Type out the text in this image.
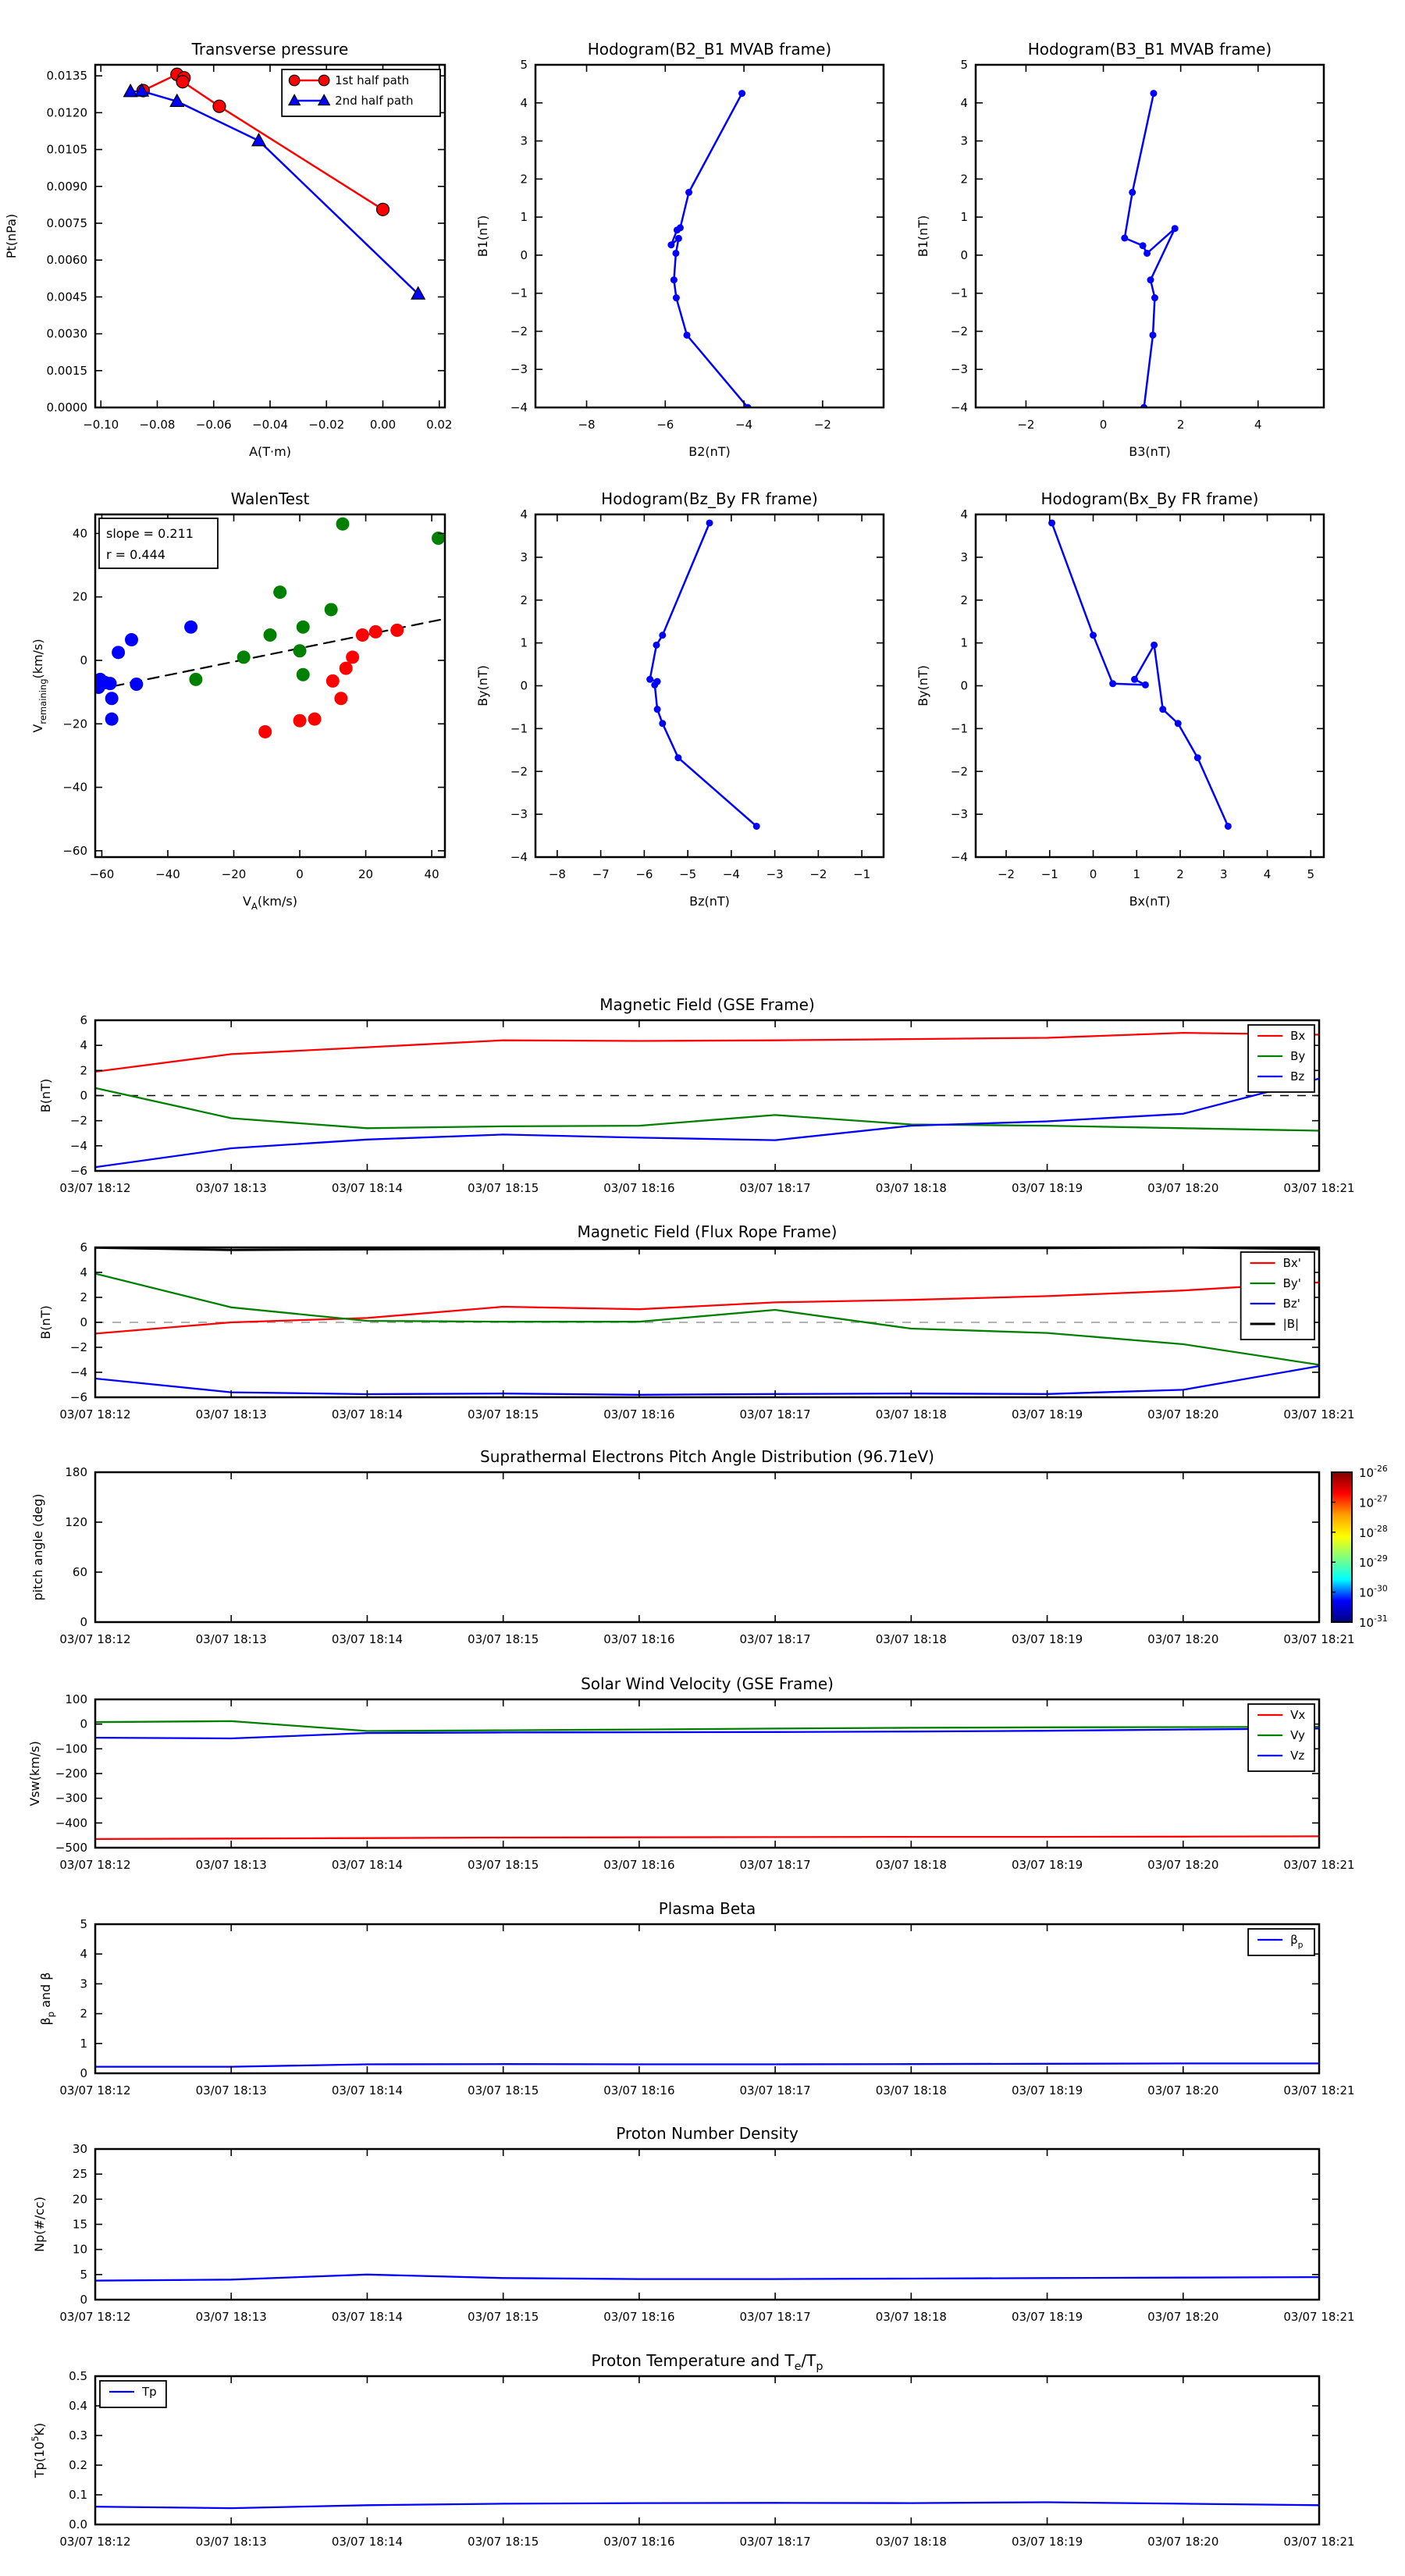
−0.10 −0.08 −0.06 −0.04 −0.02 0.00	0.02
0.0000
0.0015
0.0030
0.0045
0.0060
0.0075
0.0090
0.0105
0.0120
0.0135
Transverse pressure
A(T·m)
Pt(nPa)
1st half path
2nd half path
−8	−6	−4	−2
−4
−3
−2
−1
0
1
2
3
4
5
Hodogram(B2_B1 MVAB frame)
B2(nT)
B1(nT)
−2	0	2	4
−4
−3
−2
−1
0
1
2
3
4
5
Hodogram(B3_B1 MVAB frame)
B3(nT)
B1(nT)
−60	−40	−20	0	20	40
−60
−40
−20
0
20
40
WalenTest
$V_A(km/s)$
$V_{remaining}(km/s)$
slope = 0.211
r = 0.444
−8 −7 −6 −5 −4 −3 −2 −1
−4
−3
−2
−1
0
1
2
3
4
Hodogram(Bz_By FR frame)
Bz(nT)
By(nT)
−2 −1	0	1	2	3	4	5
−4
−3
−2
−1
0
1
2
3
4
Hodogram(Bx_By FR frame)
Bx(nT)
By(nT)
03/07 18:12	03/07 18:13	03/07 18:14	03/07 18:15	03/07 18:16	03/07 18:17	03/07 18:18	03/07 18:19	03/07 18:20	03/07 18:21
−6
−4
−2
0
2
4
6
Magnetic Field (GSE Frame)
B(nT)
Bx
By
Bz
03/07 18:12	03/07 18:13	03/07 18:14	03/07 18:15	03/07 18:16	03/07 18:17	03/07 18:18	03/07 18:19	03/07 18:20	03/07 18:21
−6
−4
−2
0
2
4
6
Magnetic Field (Flux Rope Frame)
B(nT)
Bx'
By'
Bz'
|B|
03/07 18:12	03/07 18:13	03/07 18:14	03/07 18:15	03/07 18:16	03/07 18:17	03/07 18:18	03/07 18:19	03/07 18:20	03/07 18:21
0
60
120
180
Suprathermal Electrons Pitch Angle Distribution (96.71eV)
pitch angle (deg)
$10^{-26}$
$10^{-27}$
$10^{-28}$
$10^{-29}$
$10^{-30}$
$10^{-31}$
03/07 18:12	03/07 18:13	03/07 18:14	03/07 18:15	03/07 18:16	03/07 18:17	03/07 18:18	03/07 18:19	03/07 18:20	03/07 18:21
−500
−400
−300
−200
−100
0
100
Solar Wind Velocity (GSE Frame)
Vsw(km/s)
Vx
Vy
Vz
03/07 18:12	03/07 18:13	03/07 18:14	03/07 18:15	03/07 18:16	03/07 18:17	03/07 18:18	03/07 18:19	03/07 18:20	03/07 18:21
0
1
2
3
4
5
Plasma Beta
$\beta_p$ and β
$\beta_p$
03/07 18:12	03/07 18:13	03/07 18:14	03/07 18:15	03/07 18:16	03/07 18:17	03/07 18:18	03/07 18:19	03/07 18:20	03/07 18:21
0
5
10
15
20
25
30
Proton Number Density
Np(#/cc)
03/07 18:12	03/07 18:13	03/07 18:14	03/07 18:15	03/07 18:16	03/07 18:17	03/07 18:18	03/07 18:19	03/07 18:20	03/07 18:21
0.0
0.1
0.2
0.3
0.4
0.5
Proton Temperature and $T_e/T_p$
$Tp(10^5K)$
Tp
